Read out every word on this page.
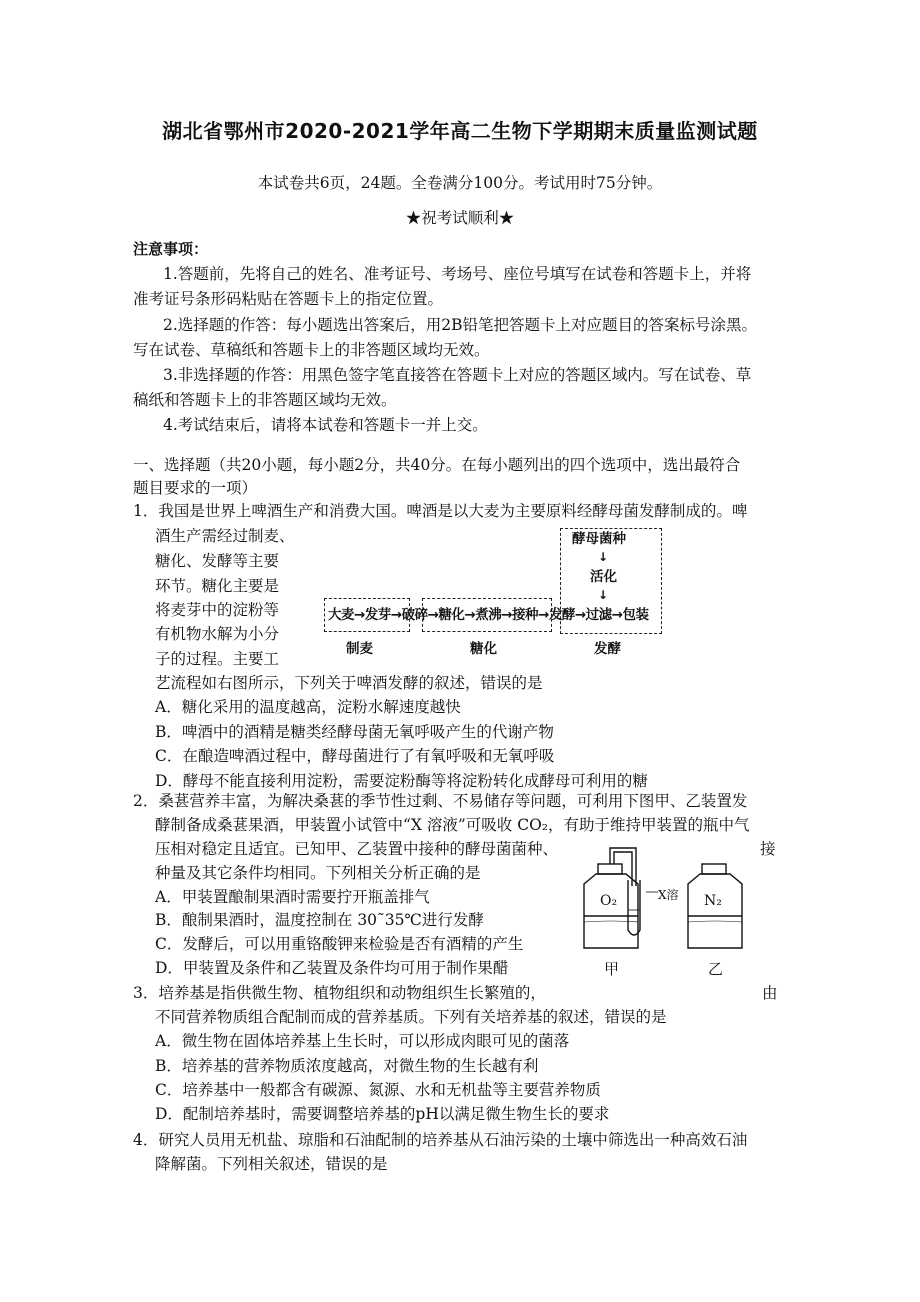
湖北省鄂州市2020-2021学年高二生物下学期期末质量监测试题
本试卷共6页，24题。全卷满分100分。考试用时75分钟。
★祝考试顺利★
注意事项：
1.答题前，先将自己的姓名、准考证号、考场号、座位号填写在试卷和答题卡上，并将
准考证号条形码粘贴在答题卡上的指定位置。
2.选择题的作答：每小题选出答案后，用2B铅笔把答题卡上对应题目的答案标号涂黑。
写在试卷、草稿纸和答题卡上的非答题区域均无效。
3.非选择题的作答：用黑色签字笔直接答在答题卡上对应的答题区域内。写在试卷、草
稿纸和答题卡上的非答题区域均无效。
4.考试结束后，请将本试卷和答题卡一并上交。
一、选择题（共20小题，每小题2分，共40分。在每小题列出的四个选项中，选出最符合
题目要求的一项）
1．我国是世界上啤酒生产和消费大国。啤酒是以大麦为主要原料经酵母菌发酵制成的。啤
酒生产需经过制麦、
糖化、发酵等主要
环节。糖化主要是
将麦芽中的淀粉等
有机物水解为小分
子的过程。主要工
艺流程如右图所示，下列关于啤酒发酵的叙述，错误的是
A．糖化采用的温度越高，淀粉水解速度越快
B．啤酒中的酒精是糖类经酵母菌无氧呼吸产生的代谢产物
C．在酿造啤酒过程中，酵母菌进行了有氧呼吸和无氧呼吸
D．酵母不能直接利用淀粉，需要淀粉酶等将淀粉转化成酵母可利用的糖
酵母菌种
↓
活化
↓
大麦→发芽→破碎→糖化→煮沸→接种→发酵→过滤→包装
制麦	糖化	发酵
2．桑葚营养丰富，为解决桑葚的季节性过剩、不易储存等问题，可利用下图甲、乙装置发
酵制备成桑葚果酒，甲装置小试管中“X 溶液”可吸收 CO₂，有助于维持甲装置的瓶中气
压相对稳定且适宜。已知甲、乙装置中接种的酵母菌菌种、	接
种量及其它条件均相同。下列相关分析正确的是
A．甲装置酿制果酒时需要拧开瓶盖排气
B．酿制果酒时，温度控制在 30˜35℃进行发酵
C．发酵后，可以用重铬酸钾来检验是否有酒精的产生
D．甲装置及条件和乙装置及条件均可用于制作果醋
O₂	X溶 N₂
甲	乙
3．培养基是指供微生物、植物组织和动物组织生长繁殖的，	由
不同营养物质组合配制而成的营养基质。下列有关培养基的叙述，错误的是
A．微生物在固体培养基上生长时，可以形成肉眼可见的菌落
B．培养基的营养物质浓度越高，对微生物的生长越有利
C．培养基中一般都含有碳源、氮源、水和无机盐等主要营养物质
D．配制培养基时，需要调整培养基的pH以满足微生物生长的要求
4．研究人员用无机盐、琼脂和石油配制的培养基从石油污染的土壤中筛选出一种高效石油
降解菌。下列相关叙述，错误的是
